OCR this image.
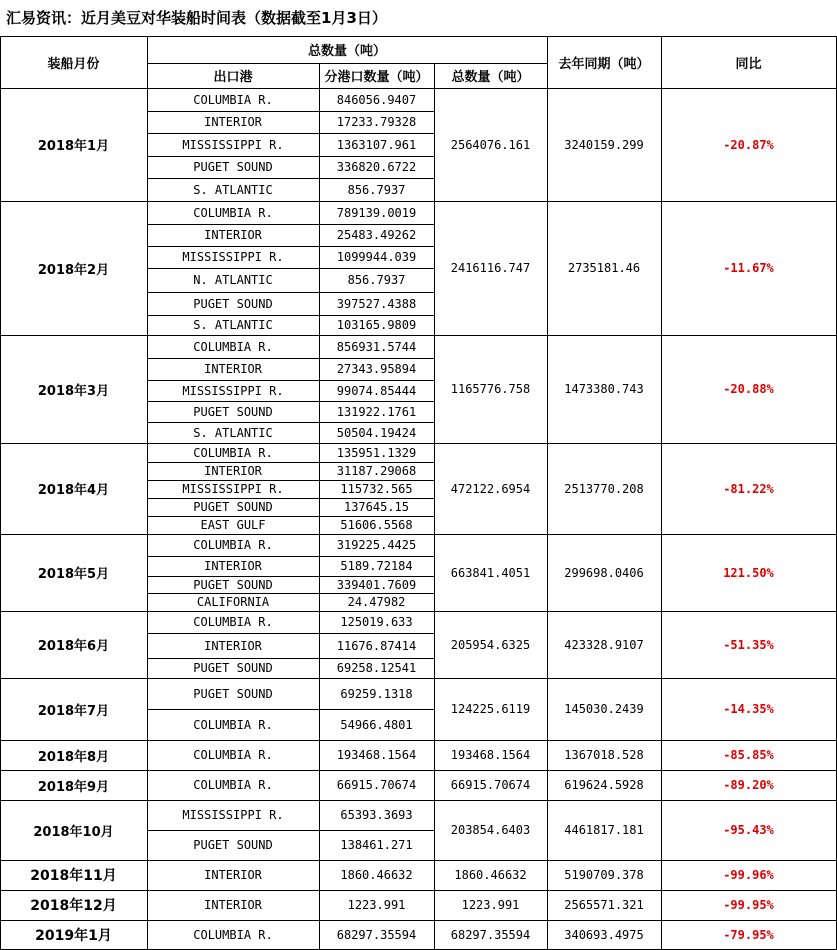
汇易资讯：近月美豆对华装船时间表（数据截至1月3日）
装船月份
总数量（吨）
出口港	分港口数量（吨）	总数量（吨）
去年同期（吨）	同比
2018年1月
COLUMBIA R.	846056.9407
INTERIOR	17233.79328
MISSISSIPPI R.	1363107.961
PUGET SOUND	336820.6722
S. ATLANTIC	856.7937
2564076.161	3240159.299	-20.87%
2018年2月
COLUMBIA R.	789139.0019
INTERIOR	25483.49262
MISSISSIPPI R.	1099944.039
N. ATLANTIC	856.7937
PUGET SOUND	397527.4388
S. ATLANTIC	103165.9809
2416116.747	2735181.46	-11.67%
2018年3月
COLUMBIA R.	856931.5744
INTERIOR	27343.95894
MISSISSIPPI R.	99074.85444
PUGET SOUND	131922.1761
S. ATLANTIC	50504.19424
1165776.758	1473380.743	-20.88%
2018年4月
COLUMBIA R.	135951.1329
INTERIOR	31187.29068
MISSISSIPPI R.	115732.565
PUGET SOUND	137645.15
EAST GULF	51606.5568
472122.6954	2513770.208	-81.22%
2018年5月
COLUMBIA R.	319225.4425
INTERIOR	5189.72184
PUGET SOUND	339401.7609
CALIFORNIA	24.47982
663841.4051	299698.0406	121.50%
2018年6月
COLUMBIA R.	125019.633
INTERIOR	11676.87414
PUGET SOUND	69258.12541
205954.6325	423328.9107	-51.35%
2018年7月
PUGET SOUND	69259.1318
COLUMBIA R.	54966.4801
124225.6119	145030.2439	-14.35%
2018年8月	COLUMBIA R.	193468.1564	193468.1564	1367018.528	-85.85%
2018年9月	COLUMBIA R.	66915.70674	66915.70674	619624.5928	-89.20%
2018年10月
MISSISSIPPI R.	65393.3693
PUGET SOUND	138461.271
203854.6403	4461817.181	-95.43%
2018年11月	INTERIOR	1860.46632	1860.46632	5190709.378	-99.96%
2018年12月	INTERIOR	1223.991	1223.991	2565571.321	-99.95%
2019年1月	COLUMBIA R.	68297.35594	68297.35594	340693.4975	-79.95%
